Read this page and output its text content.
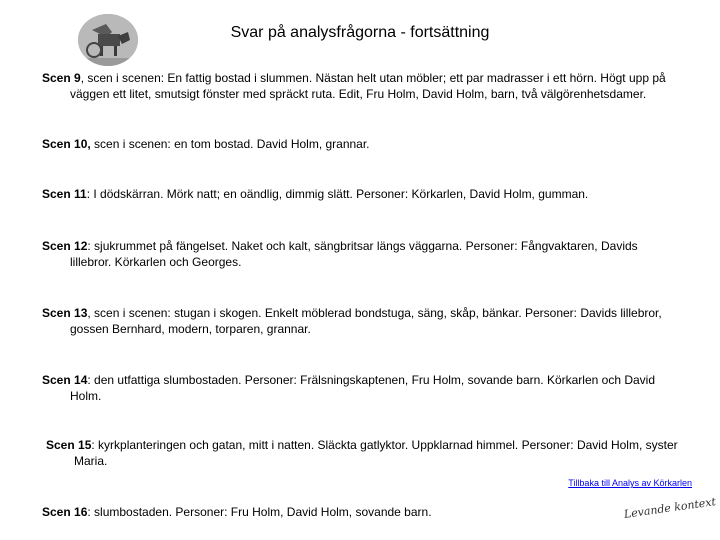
Svar på analysfrågorna - fortsättning
Scen 9, scen i scenen: En fattig bostad i slummen. Nästan helt utan möbler; ett par madrasser i ett hörn. Högt upp på
väggen ett litet, smutsigt fönster med spräckt ruta. Edit, Fru Holm, David Holm, barn, två välgörenhetsdamer.
Scen 10, scen i scenen: en tom bostad. David Holm, grannar.
Scen 11: I dödskärran. Mörk natt; en oändlig, dimmig slätt. Personer: Körkarlen, David Holm, gumman.
Scen 12: sjukrummet på fängelset. Naket och kalt, sängbritsar längs väggarna. Personer: Fångvaktaren, Davids
lillebror. Körkarlen och Georges.
Scen 13, scen i scenen: stugan i skogen. Enkelt möblerad bondstuga, säng, skåp, bänkar. Personer: Davids lillebror,
gossen Bernhard, modern, torparen, grannar.
Scen 14: den utfattiga slumbostaden. Personer: Frälsningskaptenen, Fru Holm, sovande barn. Körkarlen och David
Holm.
Scen 15: kyrkplanteringen och gatan, mitt i natten. Släckta gatlyktor. Uppklarnad himmel. Personer: David Holm, syster
Maria.
Tillbaka till Analys av Körkarlen
Scen 16: slumbostaden. Personer: Fru Holm, David Holm, sovande barn.	Levande kontext
